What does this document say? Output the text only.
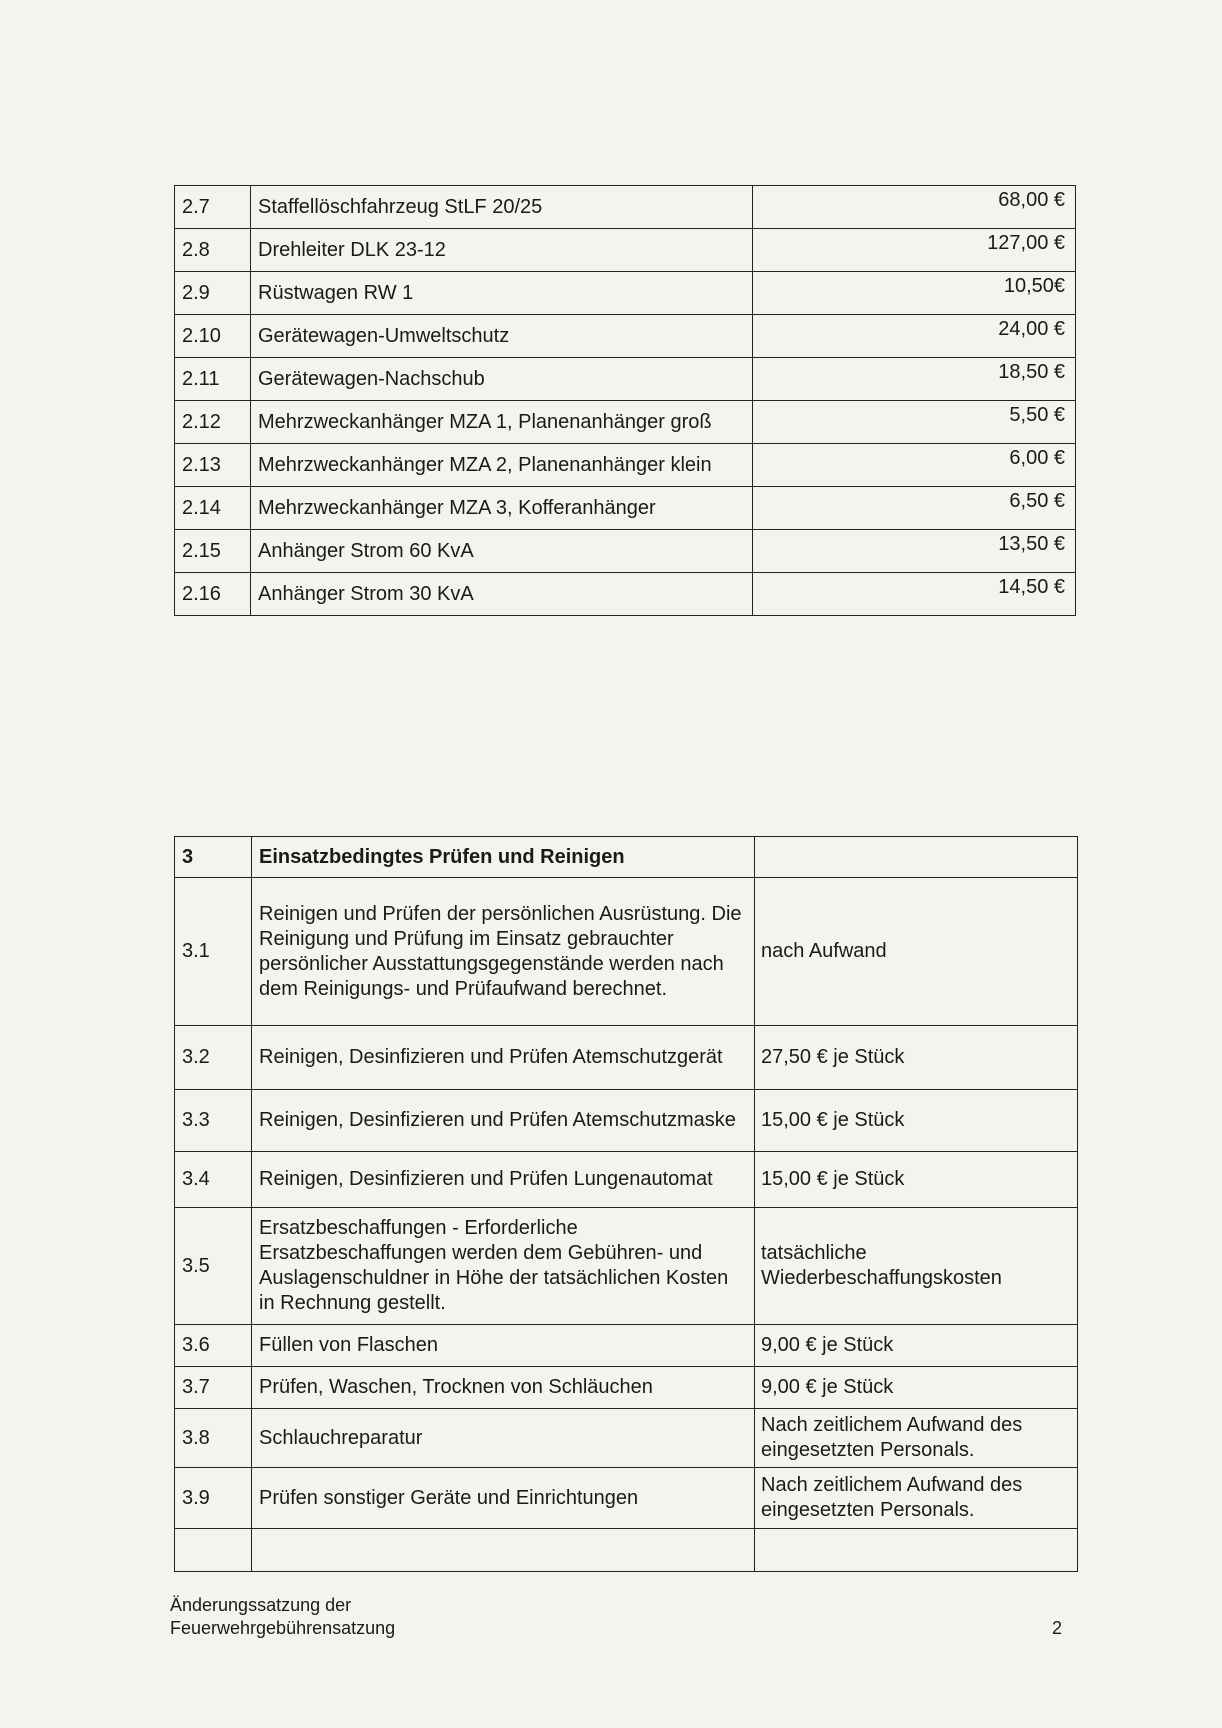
2.7	Staffellöschfahrzeug StLF 20/25	68,00 €
2.8	Drehleiter DLK 23-12	127,00 €
2.9	Rüstwagen RW 1	10,50€
2.10	Gerätewagen-Umweltschutz	24,00 €
2.11	Gerätewagen-Nachschub	18,50 €
2.12	Mehrzweckanhänger MZA 1, Planenanhänger groß	5,50 €
2.13	Mehrzweckanhänger MZA 2, Planenanhänger klein	6,00 €
2.14	Mehrzweckanhänger MZA 3, Kofferanhänger	6,50 €
2.15	Anhänger Strom 60 KvA	13,50 €
2.16	Anhänger Strom 30 KvA	14,50 €
3	Einsatzbedingtes Prüfen und Reinigen	
3.1	Reinigen und Prüfen der persönlichen Ausrüstung. Die Reinigung und Prüfung im Einsatz gebrauchter persönlicher Ausstattungsgegenstände werden nach dem Reinigungs- und Prüfaufwand berechnet.	nach Aufwand
3.2	Reinigen, Desinfizieren und Prüfen Atemschutzgerät	27,50 € je Stück
3.3	Reinigen, Desinfizieren und Prüfen Atemschutzmaske	15,00 € je Stück
3.4	Reinigen, Desinfizieren und Prüfen Lungenautomat	15,00 € je Stück
3.5	Ersatzbeschaffungen - Erforderliche Ersatzbeschaffungen werden dem Gebühren- und Auslagenschuldner in Höhe der tatsächlichen Kosten in Rechnung gestellt.	tatsächliche Wiederbeschaffungskosten
3.6	Füllen von Flaschen	9,00 € je Stück
3.7	Prüfen, Waschen, Trocknen von Schläuchen	9,00 € je Stück
3.8	Schlauchreparatur	Nach zeitlichem Aufwand des eingesetzten Personals.
3.9	Prüfen sonstiger Geräte und Einrichtungen	Nach zeitlichem Aufwand des eingesetzten Personals.

Änderungssatzung der
Feuerwehrgebührensatzung	2
